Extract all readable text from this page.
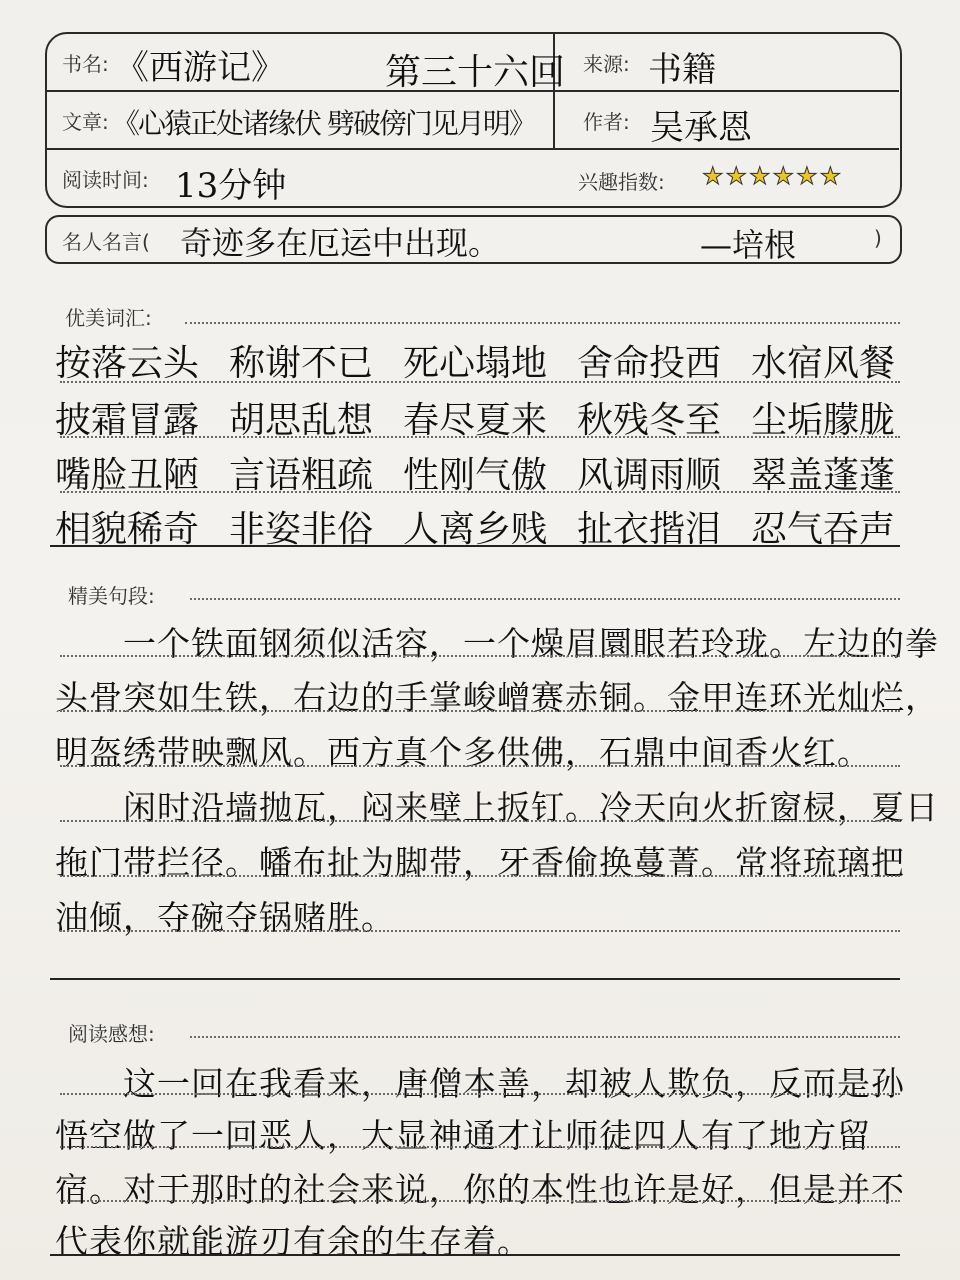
书名: 《西游记》	第三十六回 来源: 书籍
文章: 《心猿正处诸缘伏 劈破傍门见月明》 作者: 吴承恩
阅读时间: 13分钟	兴趣指数: ★★★★★★
名人名言( 奇迹多在厄运中出现。	—培根	)
优美词汇:
按落云头 称谢不已 死心塌地 舍命投西 水宿风餐
披霜冒露 胡思乱想 春尽夏来 秋残冬至 尘垢朦胧
嘴脸丑陋 言语粗疏 性刚气傲 风调雨顺 翠盖蓬蓬
相貌稀奇 非姿非俗 人离乡贱 扯衣揩泪 忍气吞声
精美句段:
　　一个铁面钢须似活容，一个燥眉圜眼若玲珑。左边的拳
头骨突如生铁，右边的手掌峻嶒赛赤铜。金甲连环光灿烂，
明盔绣带映飘风。西方真个多供佛，石鼎中间香火红。
　　闲时沿墙抛瓦，闷来壁上扳钉。冷天向火折窗棂，夏日
拖门带拦径。幡布扯为脚带，牙香偷换蔓菁。常将琉璃把
油倾，夺碗夺锅赌胜。
阅读感想:
　　这一回在我看来，唐僧本善，却被人欺负，反而是孙
悟空做了一回恶人，大显神通才让师徒四人有了地方留
宿。对于那时的社会来说，你的本性也许是好，但是并不
代表你就能游刃有余的生存着。
